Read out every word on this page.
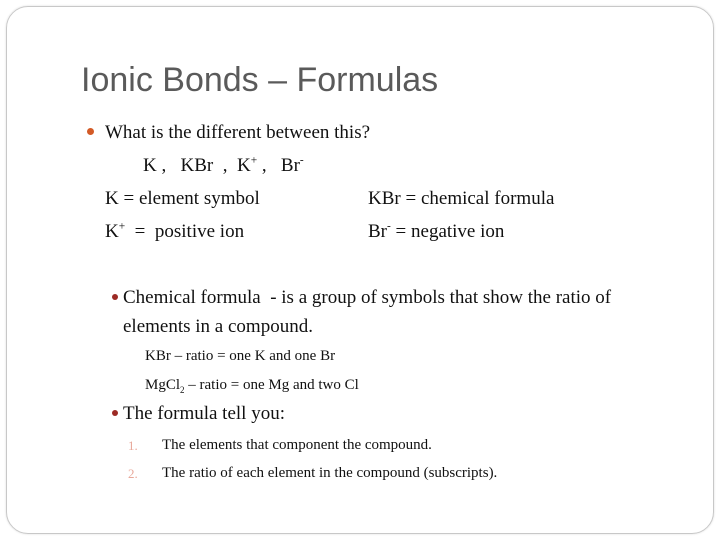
Ionic Bonds – Formulas
What is the different between this?
K ,   KBr  ,  K+ ,   Br-
K = element symbol	KBr = chemical formula
K+  =  positive ion	Br- = negative ion
Chemical formula  - is a group of symbols that show the ratio of
elements in a compound.
KBr – ratio = one K and one Br
MgCl$_2$ – ratio = one Mg and two Cl
The formula tell you:
1. The elements that component the compound.
2. The ratio of each element in the compound (subscripts).
